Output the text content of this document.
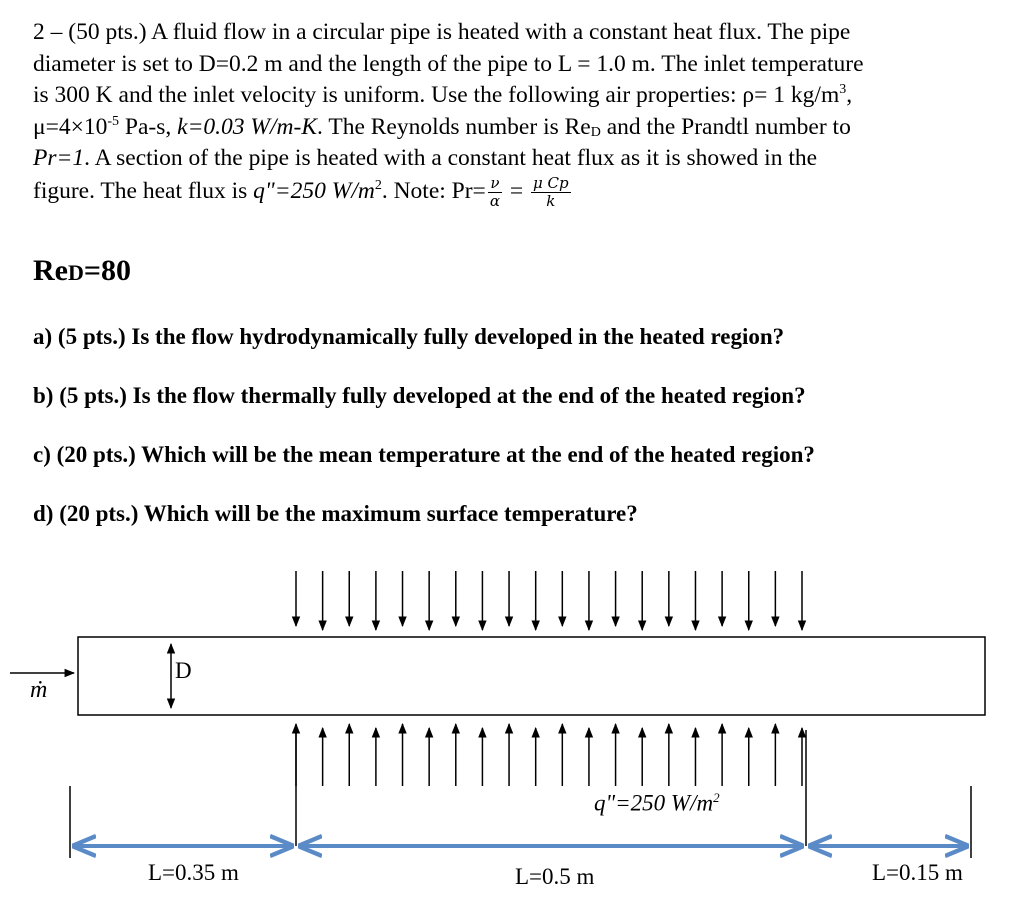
2 – (50 pts.) A fluid flow in a circular pipe is heated with a constant heat flux. The pipe
diameter is set to D=0.2 m and the length of the pipe to L = 1.0 m. The inlet temperature
is 300 K and the inlet velocity is uniform. Use the following air properties: ρ= 1 $kg/m^3$,
$\mu=4\times 10^{-5}$ Pa-s, k=0.03 W/m-K. The Reynolds number is $Re_D$ and the Prandtl number to
Pr=1. A section of the pipe is heated with a constant heat flux as it is showed in the
figure. The heat flux is q"=250 $W/m^2$. Note: $Pr= \frac{\nu}{\alpha} = \frac{\text{μ Cp}}{k}$
ReD=80
a) (5 pts.) Is the flow hydrodynamically fully developed in the heated region?
b) (5 pts.) Is the flow thermally fully developed at the end of the heated region?
c) (20 pts.) Which will be the mean temperature at the end of the heated region?
d) (20 pts.) Which will be the maximum surface temperature?
ṁ
D
q"=250 $W/m^2$
L=0.35 m	L=0.5 m	L=0.15 m
